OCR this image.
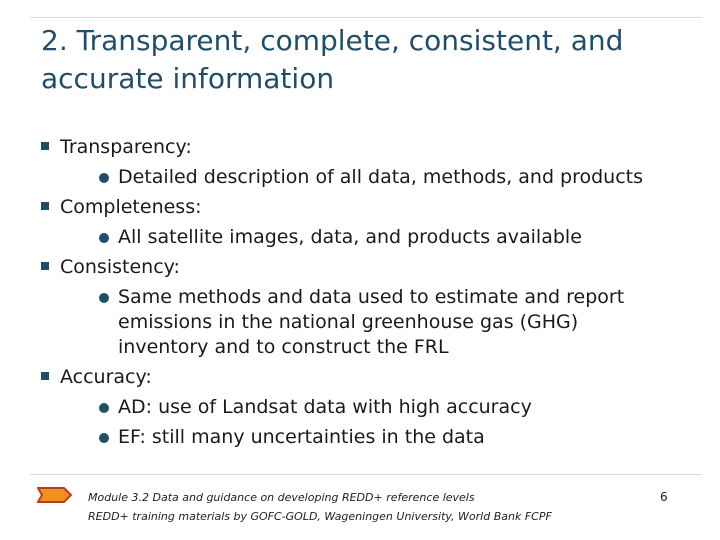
2. Transparent, complete, consistent, and
accurate information
Transparency:
Detailed description of all data, methods, and products
Completeness:
All satellite images, data, and products available
Consistency:
Same methods and data used to estimate and report
emissions in the national greenhouse gas (GHG)
inventory and to construct the FRL
Accuracy:
AD: use of Landsat data with high accuracy
EF: still many uncertainties in the data
Module 3.2 Data and guidance on developing REDD+ reference levels
REDD+ training materials by GOFC-GOLD, Wageningen University, World Bank FCPF
6
